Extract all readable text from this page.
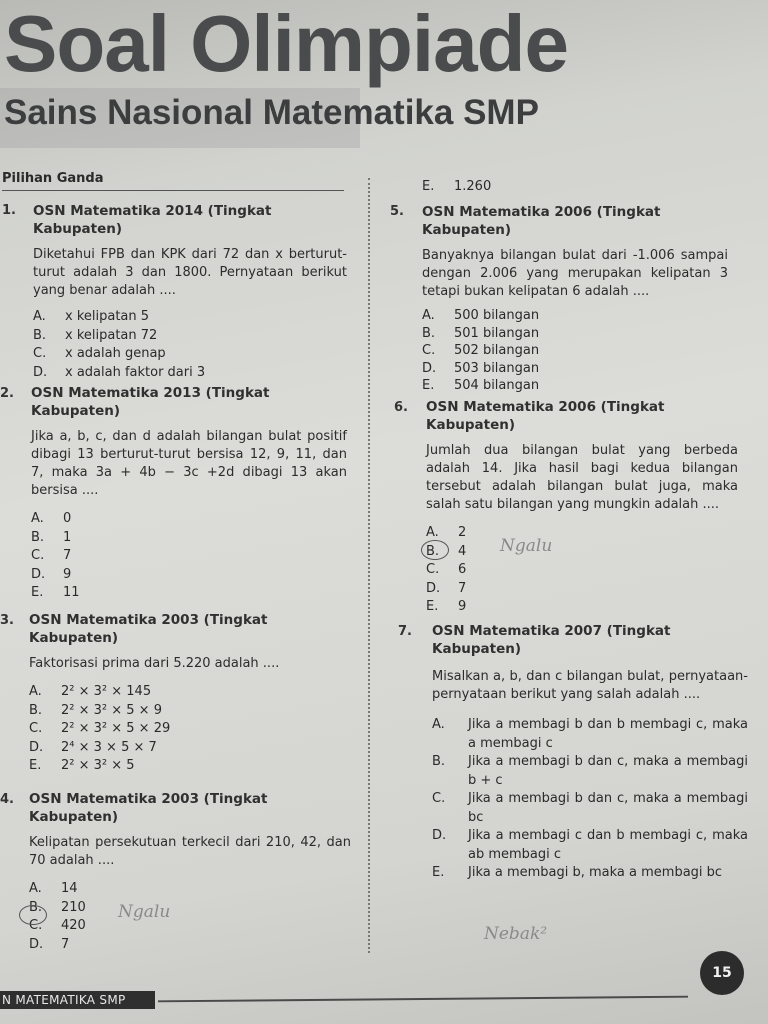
Soal Olimpiade
Sains Nasional Matematika SMP
Pilihan Ganda
1. OSN Matematika 2014 (Tingkat Kabupaten)
Diketahui FPB dan KPK dari 72 dan x berturut-turut adalah 3 dan 1800. Pernyataan berikut yang benar adalah ....
A. x kelipatan 5
B. x kelipatan 72
C. x adalah genap
D. x adalah faktor dari 3
2. OSN Matematika 2013 (Tingkat Kabupaten)
Jika a, b, c, dan d adalah bilangan bulat positif dibagi 13 berturut-turut bersisa 12, 9, 11, dan 7, maka 3a + 4b − 3c +2d dibagi 13 akan bersisa ....
A. 0
B. 1
C. 7
D. 9
E. 11
3. OSN Matematika 2003 (Tingkat Kabupaten)
Faktorisasi prima dari 5.220 adalah ....
A. 2² × 3² × 145
B. 2² × 3² × 5 × 9
C. 2² × 3² × 5 × 29
D. 2⁴ × 3 × 5 × 7
E. 2² × 3² × 5
4. OSN Matematika 2003 (Tingkat Kabupaten)
Kelipatan persekutuan terkecil dari 210, 42, dan 70 adalah ....
A. 14
B. 210
C. 420
D. 7
Ngalu
E. 1.260
5. OSN Matematika 2006 (Tingkat Kabupaten)
Banyaknya bilangan bulat dari -1.006 sampai dengan 2.006 yang merupakan kelipatan 3 tetapi bukan kelipatan 6 adalah ....
A. 500 bilangan
B. 501 bilangan
C. 502 bilangan
D. 503 bilangan
E. 504 bilangan
6. OSN Matematika 2006 (Tingkat Kabupaten)
Jumlah dua bilangan bulat yang berbeda adalah 14. Jika hasil bagi kedua bilangan tersebut adalah bilangan bulat juga, maka salah satu bilangan yang mungkin adalah ....
A. 2
B. 4
C. 6
D. 7
E. 9
Ngalu
7. OSN Matematika 2007 (Tingkat Kabupaten)
Misalkan a, b, dan c bilangan bulat, pernyataan-pernyataan berikut yang salah adalah ....
A. Jika a membagi b dan b membagi c, maka a membagi c
B. Jika a membagi b dan c, maka a membagi b + c
C. Jika a membagi b dan c, maka a membagi bc
D. Jika a membagi c dan b membagi c, maka ab membagi c
E. Jika a membagi b, maka a membagi bc
Nebak²
N MATEMATIKA SMP
15
